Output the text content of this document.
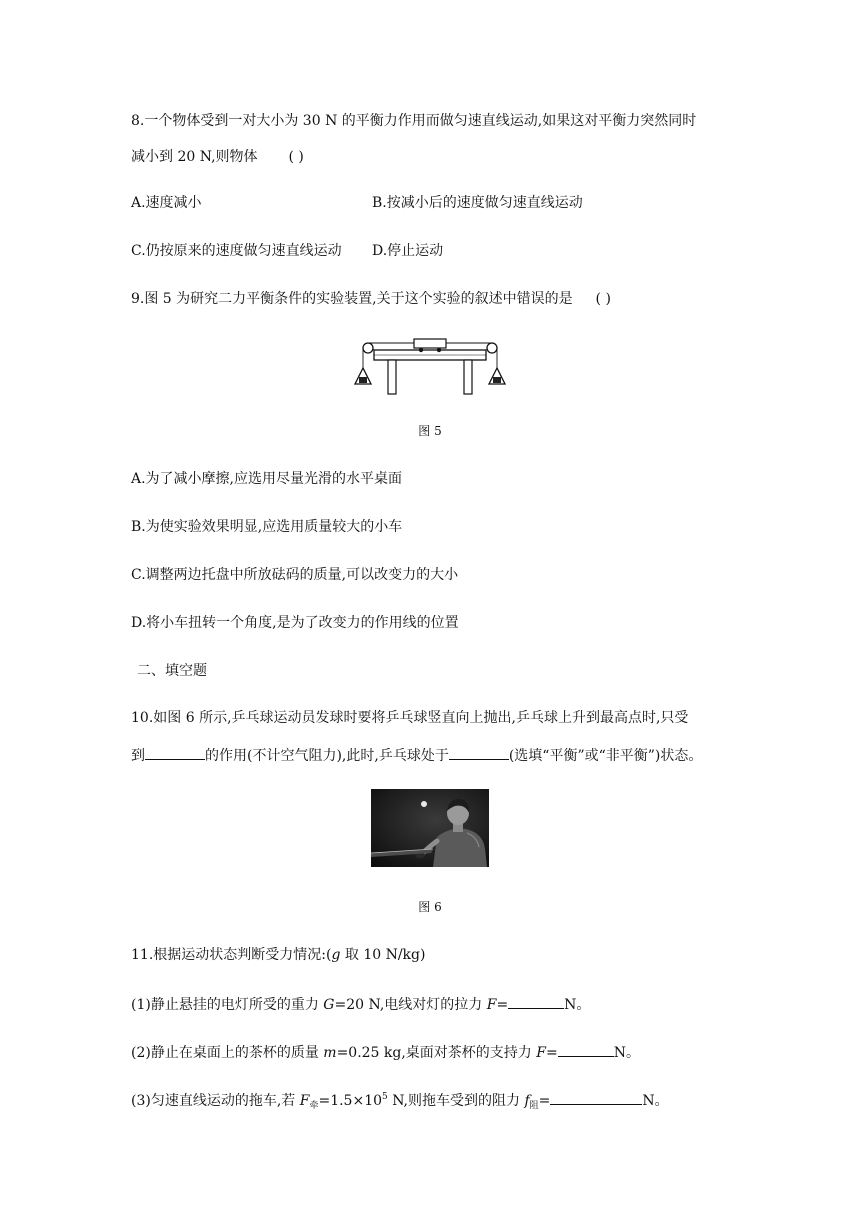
8.一个物体受到一对大小为 30 N 的平衡力作用而做匀速直线运动,如果这对平衡力突然同时
减小到 20 N,则物体 ( )
A.速度减小	B.按减小后的速度做匀速直线运动
C.仍按原来的速度做匀速直线运动 D.停止运动
9.图 5 为研究二力平衡条件的实验装置,关于这个实验的叙述中错误的是 ( )
图 5
A.为了减小摩擦,应选用尽量光滑的水平桌面
B.为使实验效果明显,应选用质量较大的小车
C.调整两边托盘中所放砝码的质量,可以改变力的大小
D.将小车扭转一个角度,是为了改变力的作用线的位置
二、填空题
10.如图 6 所示,乒乓球运动员发球时要将乒乓球竖直向上抛出,乒乓球上升到最高点时,只受
到	的作用(不计空气阻力),此时,乒乓球处于	(选填“平衡”或“非平衡”)状态。
图 6
11.根据运动状态判断受力情况:(g 取 10 N/kg)
(1)静止悬挂的电灯所受的重力 G=20 N,电线对灯的拉力 F=	N。
(2)静止在桌面上的茶杯的质量 m=0.25 kg,桌面对茶杯的支持力 F=	N。
(3)匀速直线运动的拖车,若 $F_牵=1.5\times 10^5$ N,则拖车受到的阻力 $f_阻=$	N。
